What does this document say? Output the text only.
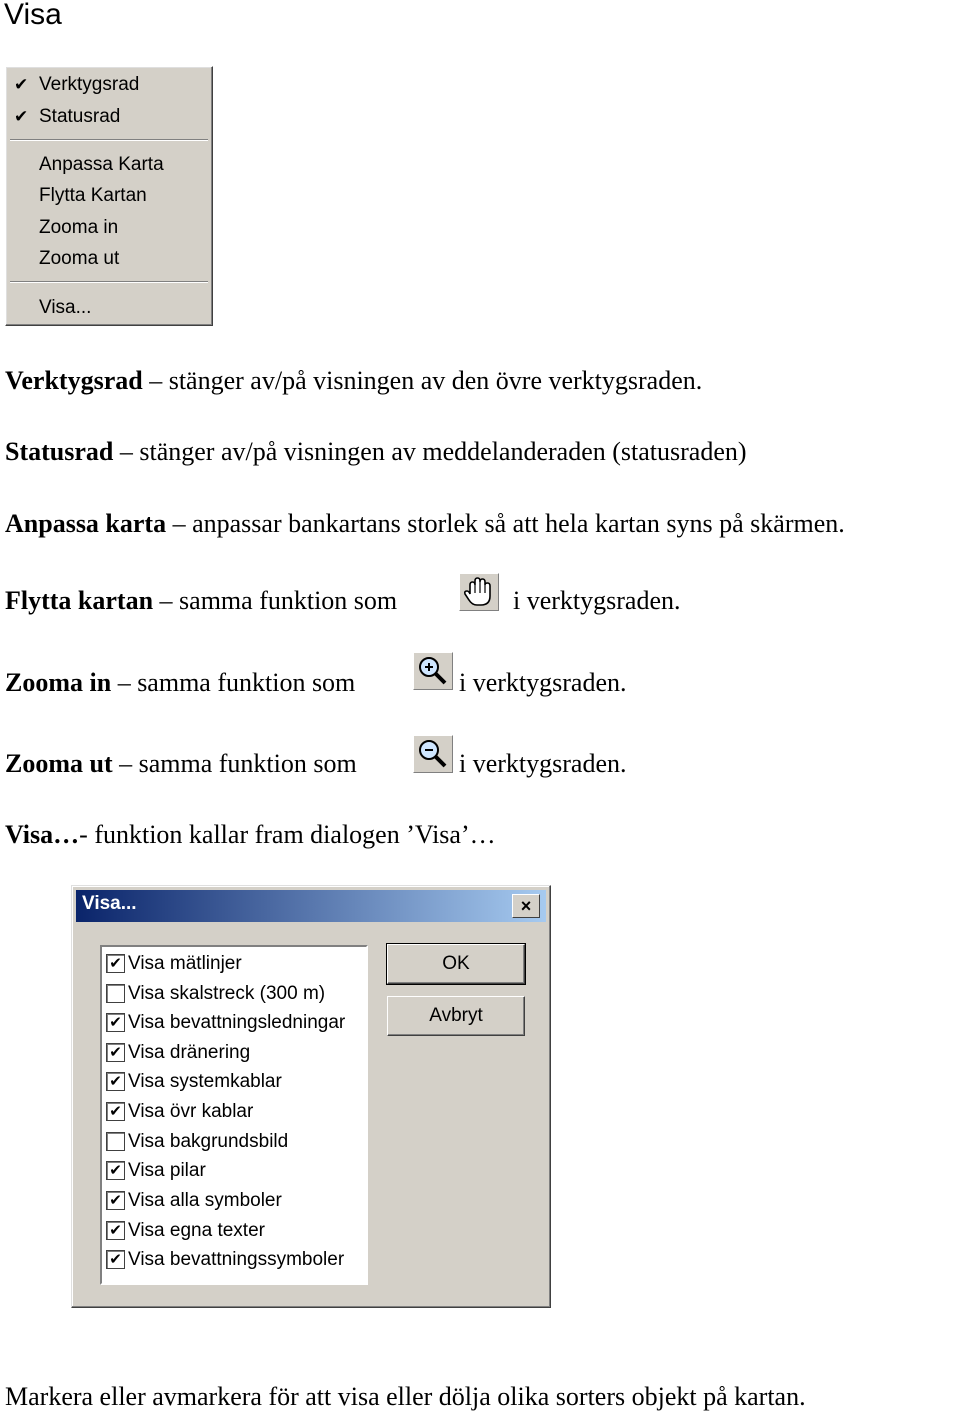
Visa
✔ Verktygsrad
✔ Statusrad
Anpassa Karta
Flytta Kartan
Zooma in
Zooma ut
Visa...
Verktygsrad – stänger av/på visningen av den övre verktygsraden.
Statusrad – stänger av/på visningen av meddelanderaden (statusraden)
Anpassa karta – anpassar bankartans storlek så att hela kartan syns på skärmen.
Flytta kartan – samma funktion som	i verktygsraden.
Zooma in – samma funktion som	i verktygsraden.
Zooma ut – samma funktion som	i verktygsraden.
Visa…- funktion kallar fram dialogen ’Visa’…
Visa...	×
✔ Visa mätlinjer
Visa skalstreck (300 m)
✔ Visa bevattningsledningar
✔ Visa dränering
✔ Visa systemkablar
✔ Visa övr kablar
Visa bakgrundsbild
✔ Visa pilar
✔ Visa alla symboler
✔ Visa egna texter
✔ Visa bevattningssymboler
OK
Avbryt
Markera eller avmarkera för att visa eller dölja olika sorters objekt på kartan.
